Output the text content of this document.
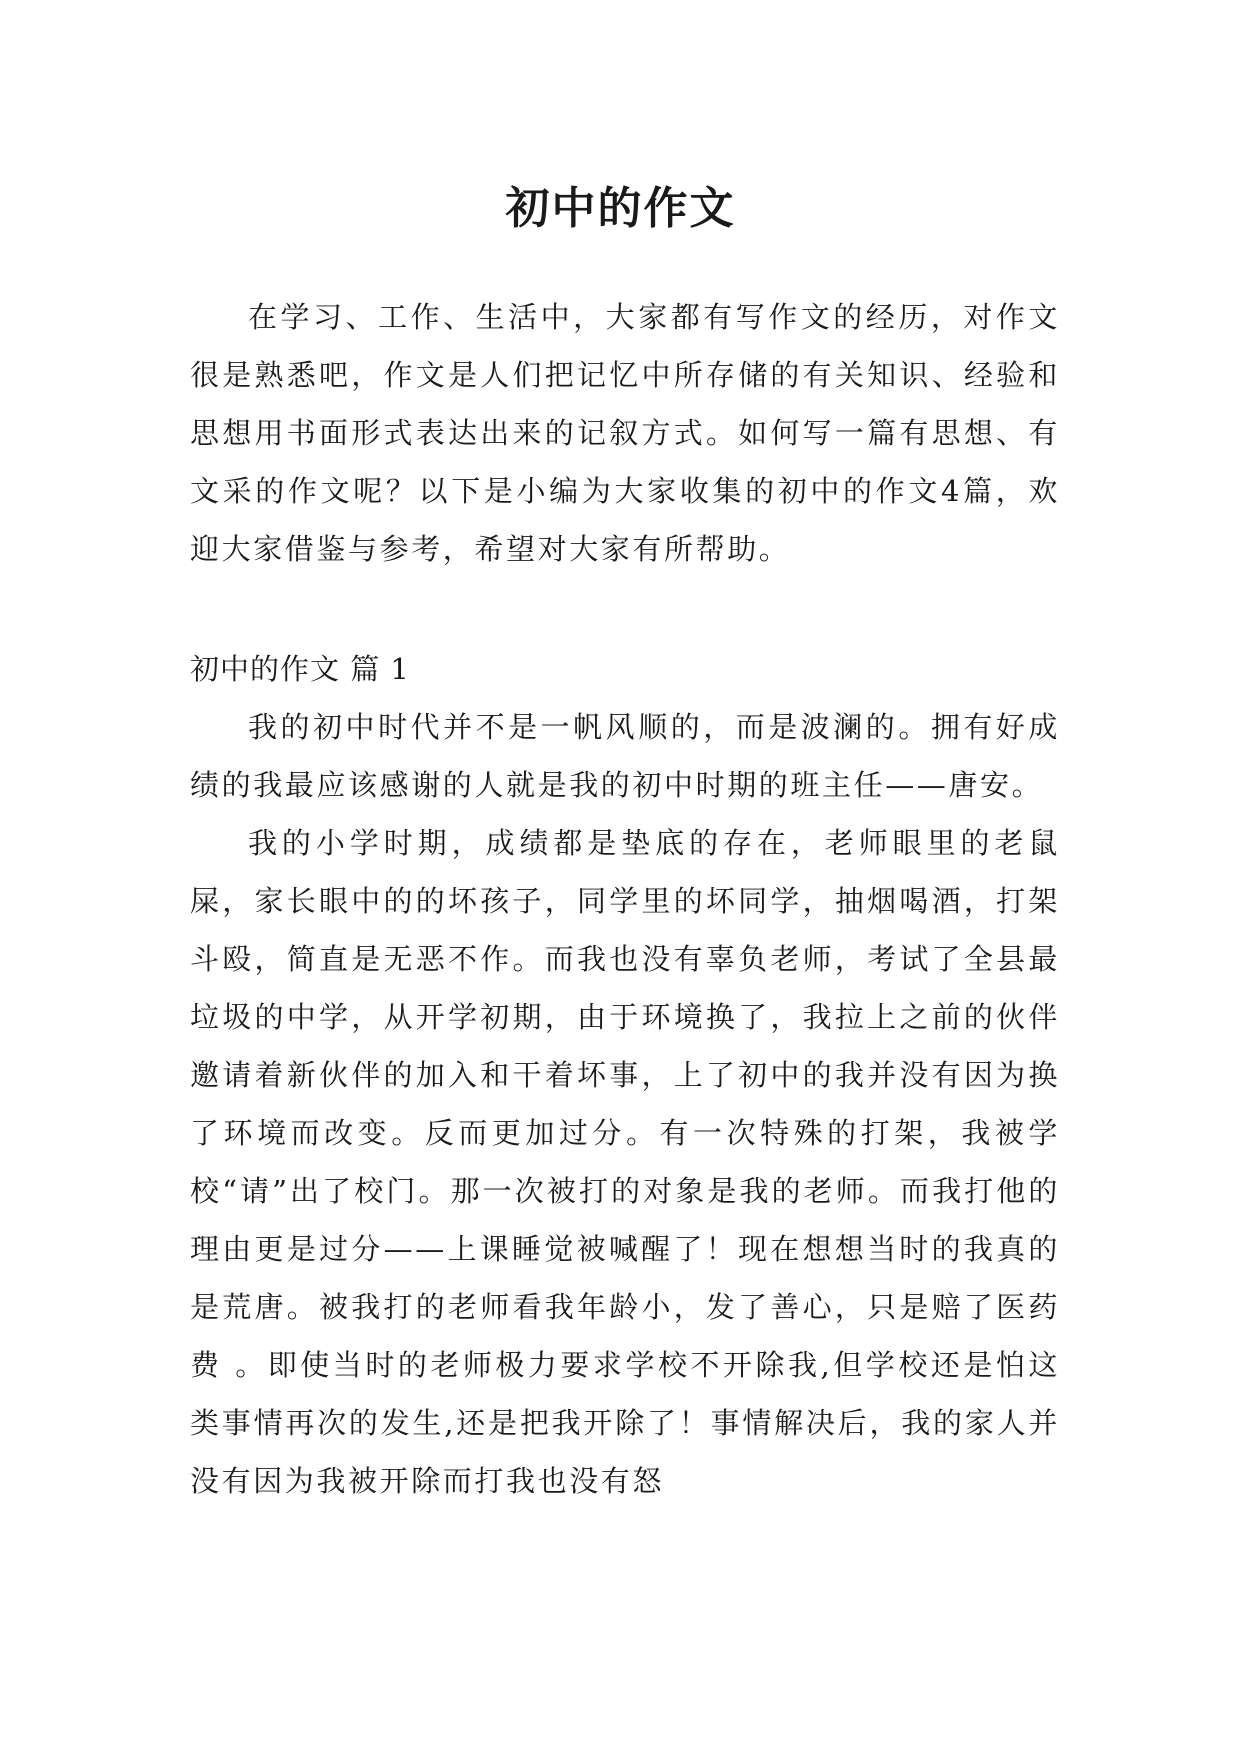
初中的作文

在学习、工作、生活中，大家都有写作文的经历，对作文很是熟悉吧，作文是人们把记忆中所存储的有关知识、经验和思想用书面形式表达出来的记叙方式。如何写一篇有思想、有文采的作文呢？以下是小编为大家收集的初中的作文4篇，欢迎大家借鉴与参考，希望对大家有所帮助。

初中的作文 篇 1

我的初中时代并不是一帆风顺的，而是波澜的。拥有好成绩的我最应该感谢的人就是我的初中时期的班主任——唐安。

我的小学时期，成绩都是垫底的存在，老师眼里的老鼠屎，家长眼中的的坏孩子，同学里的坏同学，抽烟喝酒，打架斗殴，简直是无恶不作。而我也没有辜负老师，考试了全县最垃圾的中学，从开学初期，由于环境换了，我拉上之前的伙伴邀请着新伙伴的加入和干着坏事，上了初中的我并没有因为换了环境而改变。反而更加过分。有一次特殊的打架，我被学校“请”出了校门。那一次被打的对象是我的老师。而我打他的理由更是过分——上课睡觉被喊醒了！现在想想当时的我真的是荒唐。被我打的老师看我年龄小，发了善心，只是赔了医药费 。即使当时的老师极力要求学校不开除我,但学校还是怕这类事情再次的发生,还是把我开除了！事情解决后，我的家人并没有因为我被开除而打我也没有怒
